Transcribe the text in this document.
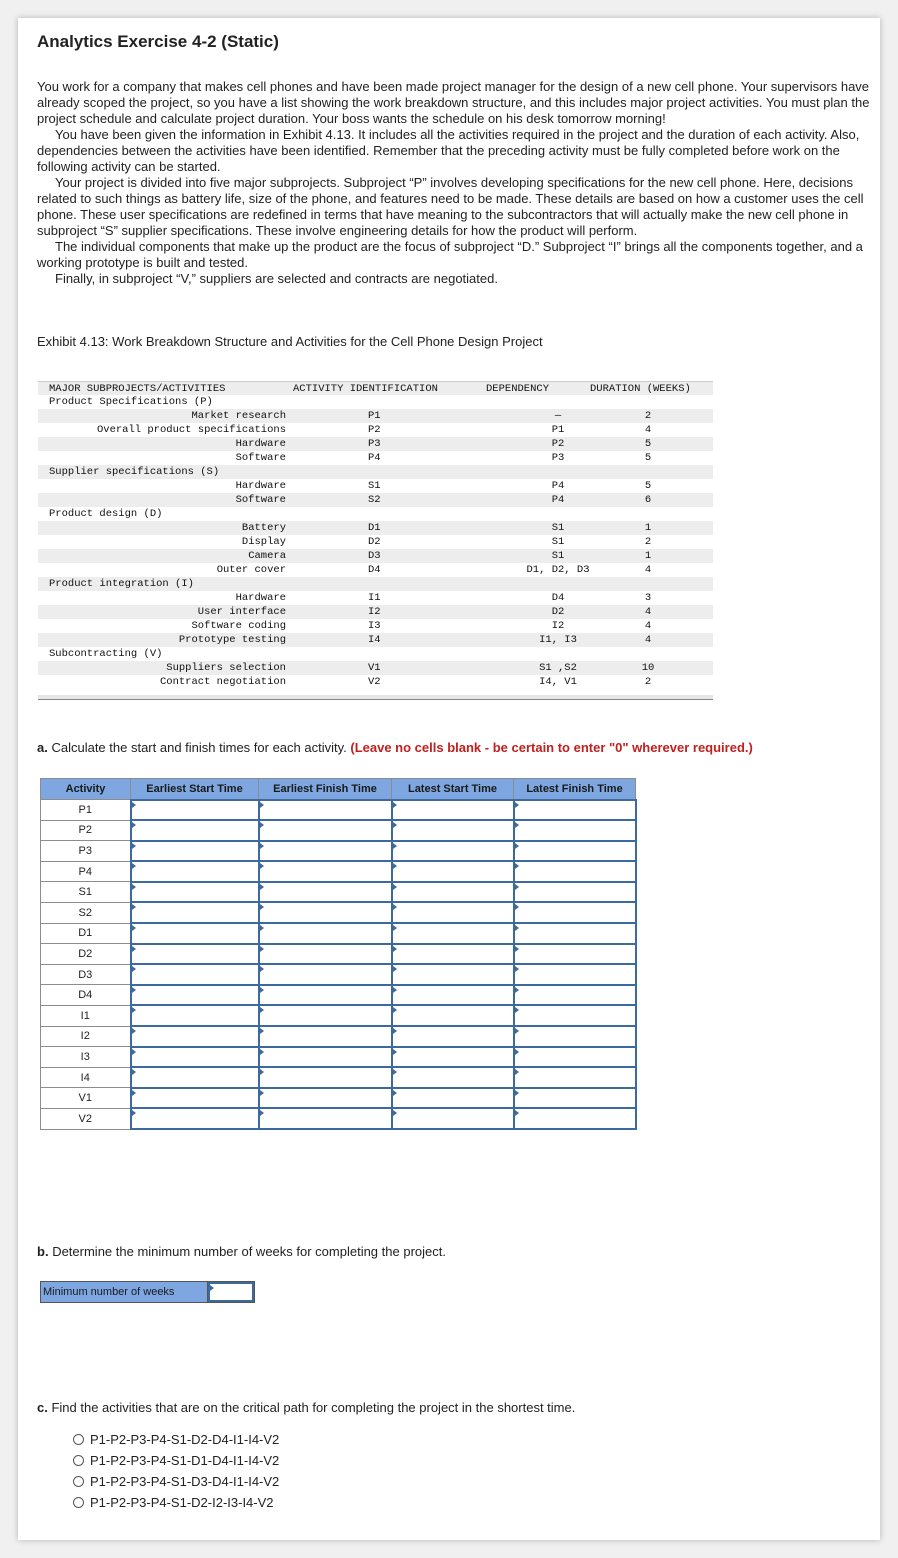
Analytics Exercise 4-2 (Static)

You work for a company that makes cell phones and have been made project manager for the design of a new cell phone. Your supervisors have already scoped the project, so you have a list showing the work breakdown structure, and this includes major project activities. You must plan the project schedule and calculate project duration. Your boss wants the schedule on his desk tomorrow morning!

You have been given the information in Exhibit 4.13. It includes all the activities required in the project and the duration of each activity. Also, dependencies between the activities have been identified. Remember that the preceding activity must be fully completed before work on the following activity can be started.

Your project is divided into five major subprojects. Subproject “P” involves developing specifications for the new cell phone. Here, decisions related to such things as battery life, size of the phone, and features need to be made. These details are based on how a customer uses the cell phone. These user specifications are redefined in terms that have meaning to the subcontractors that will actually make the new cell phone in subproject “S” supplier specifications. These involve engineering details for how the product will perform.

The individual components that make up the product are the focus of subproject “D.” Subproject “I” brings all the components together, and a working prototype is built and tested.

Finally, in subproject “V,” suppliers are selected and contracts are negotiated.

Exhibit 4.13: Work Breakdown Structure and Activities for the Cell Phone Design Project
MAJOR SUBPROJECTS/ACTIVITIES	ACTIVITY IDENTIFICATION	DEPENDENCY	DURATION (WEEKS)
Product Specifications (P)
Market research	P1	—	2
Overall product specifications	P2	P1	4
Hardware	P3	P2	5
Software	P4	P3	5
Supplier specifications (S)
Hardware	S1	P4	5
Software	S2	P4	6
Product design (D)
Battery	D1	S1	1
Display	D2	S1	2
Camera	D3	S1	1
Outer cover	D4	D1, D2, D3	4
Product integration (I)
Hardware	I1	D4	3
User interface	I2	D2	4
Software coding	I3	I2	4
Prototype testing	I4	I1, I3	4
Subcontracting (V)
Suppliers selection	V1	S1 ,S2	10
Contract negotiation	V2	I4, V1	2
a. Calculate the start and finish times for each activity. (Leave no cells blank - be certain to enter "0" wherever required.)
Activity	Earliest Start Time	Earliest Finish Time	Latest Start Time	Latest Finish Time
P1				
P2				
P3				
P4				
S1				
S2				
D1				
D2				
D3				
D4				
I1				
I2				
I3				
I4				
V1				
V2				
b. Determine the minimum number of weeks for completing the project.
Minimum number of weeks
c. Find the activities that are on the critical path for completing the project in the shortest time.
P1-P2-P3-P4-S1-D2-D4-I1-I4-V2
P1-P2-P3-P4-S1-D1-D4-I1-I4-V2
P1-P2-P3-P4-S1-D3-D4-I1-I4-V2
P1-P2-P3-P4-S1-D2-I2-I3-I4-V2
